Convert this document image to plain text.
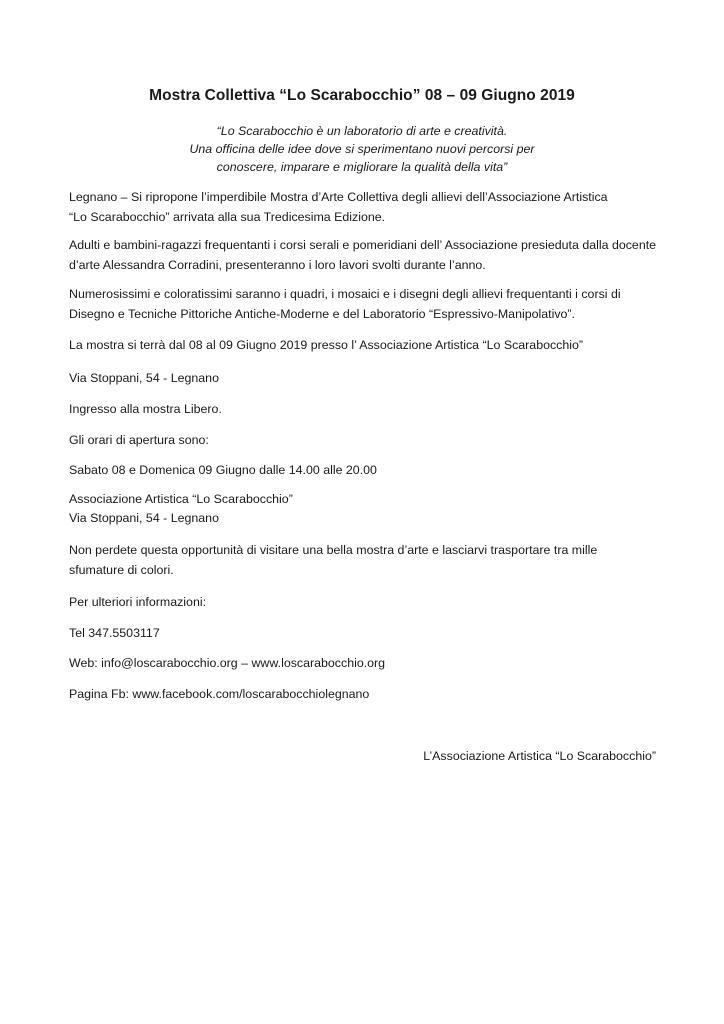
Mostra Collettiva “Lo Scarabocchio” 08 – 09 Giugno 2019
“Lo Scarabocchio è un laboratorio di arte e creatività.
Una officina delle idee dove si sperimentano nuovi percorsi per
conoscere, imparare e migliorare la qualità della vita”
Legnano – Si ripropone l’imperdibile Mostra d’Arte Collettiva degli allievi dell’Associazione Artistica
“Lo Scarabocchio” arrivata alla sua Tredicesima Edizione.
Adulti e bambini-ragazzi frequentanti i corsi serali e pomeridiani dell’ Associazione presieduta dalla docente
d’arte Alessandra Corradini, presenteranno i loro lavori svolti durante l’anno.
Numerosissimi e coloratissimi saranno i quadri, i mosaici e i disegni degli allievi frequentanti i corsi di
Disegno e Tecniche Pittoriche Antiche-Moderne e del Laboratorio “Espressivo-Manipolativo”.
La mostra si terrà dal 08 al 09 Giugno 2019 presso l’ Associazione Artistica “Lo Scarabocchio”
Via Stoppani, 54 - Legnano
Ingresso alla mostra Libero.
Gli orari di apertura sono:
Sabato 08 e Domenica 09 Giugno dalle 14.00 alle 20.00
Associazione Artistica “Lo Scarabocchio”
Via Stoppani, 54 - Legnano
Non perdete questa opportunità di visitare una bella mostra d’arte e lasciarvi trasportare tra mille
sfumature di colori.
Per ulteriori informazioni:
Tel 347.5503117
Web: info@loscarabocchio.org – www.loscarabocchio.org
Pagina Fb: www.facebook.com/loscarabocchiolegnano
L’Associazione Artistica “Lo Scarabocchio”
